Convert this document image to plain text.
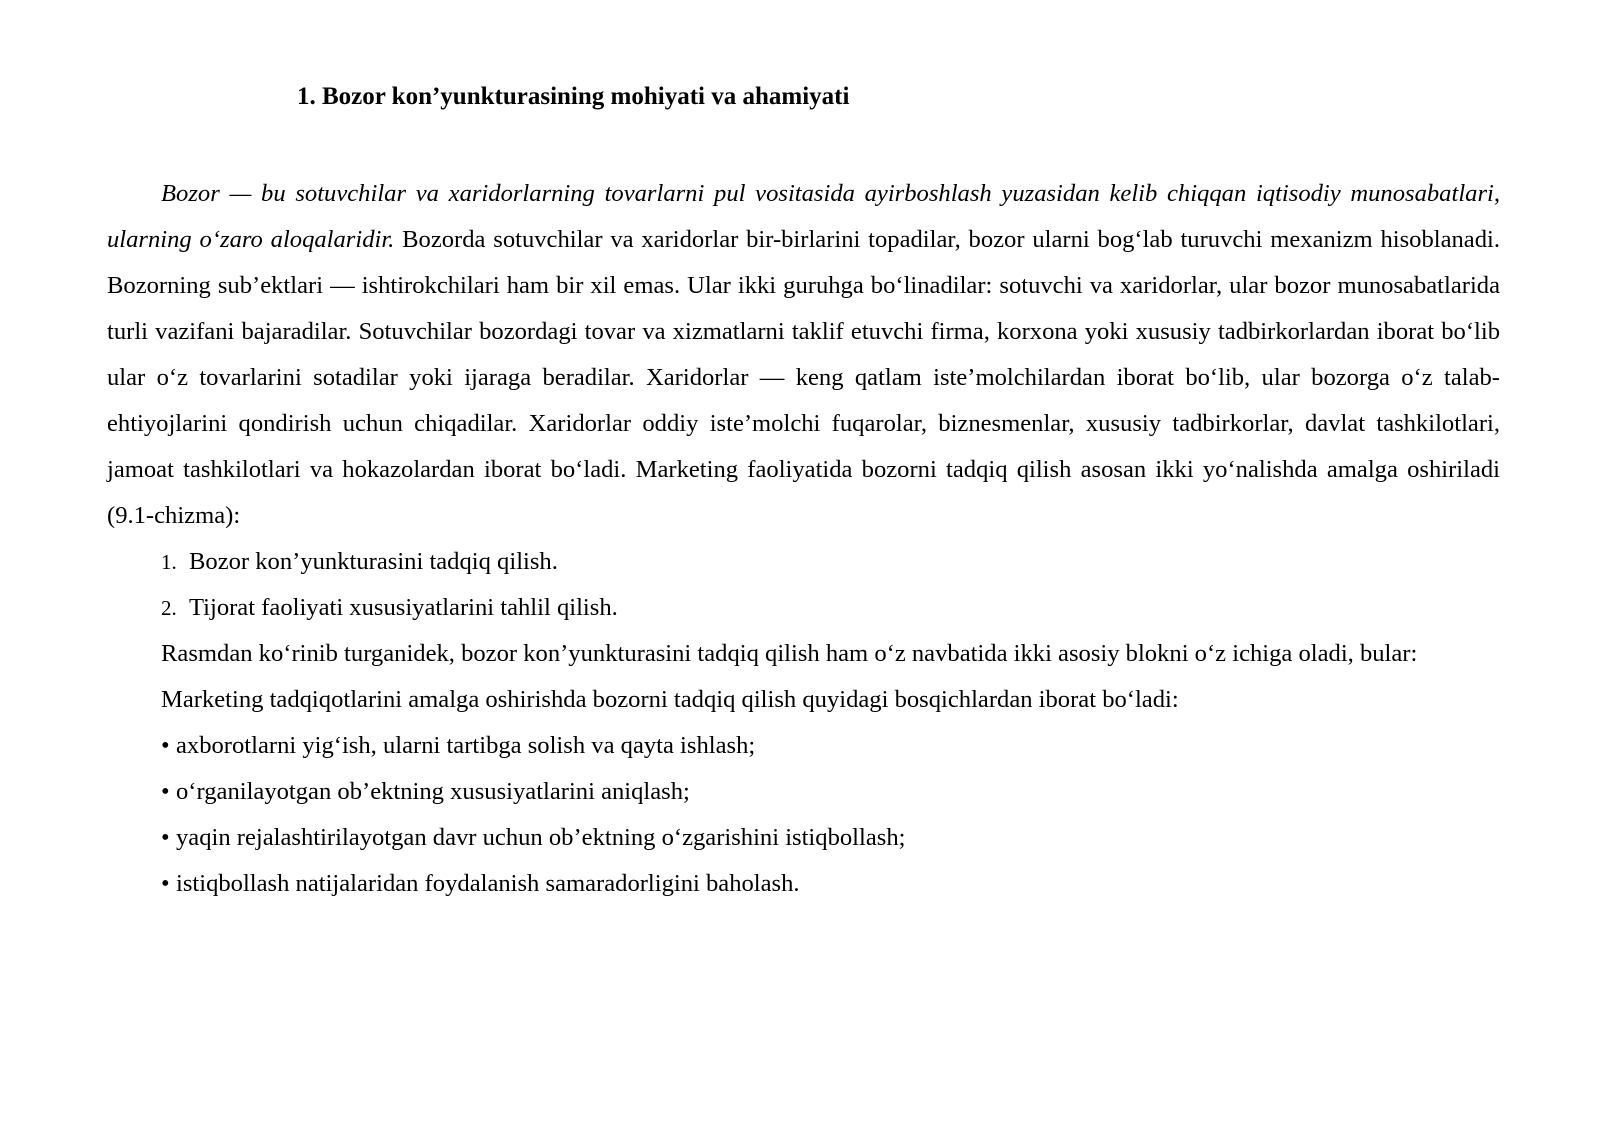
1. Bozor kon’yunkturasining mohiyati va ahamiyati

Bozor — bu sotuvchilar va xaridorlarning tovarlarni pul vositasida ayirboshlash yuzasidan kelib chiqqan iqtisodiy munosabatlari, ularning o‘zaro aloqalaridir. Bozorda sotuvchilar va xaridorlar bir-birlarini topadilar, bozor ularni bog‘lab turuvchi mexanizm hisoblanadi. Bozorning sub’ektlari — ishtirokchilari ham bir xil emas. Ular ikki guruhga bo‘linadilar: sotuvchi va xaridorlar, ular bozor munosabatlarida turli vazifani bajaradilar. Sotuvchilar bozordagi tovar va xizmatlarni taklif etuvchi firma, korxona yoki xususiy tadbirkorlardan iborat bo‘lib ular o‘z tovarlarini sotadilar yoki ijaraga beradilar. Xaridorlar — keng qatlam iste’molchilardan iborat bo‘lib, ular bozorga o‘z talab-ehtiyojlarini qondirish uchun chiqadilar. Xaridorlar oddiy iste’molchi fuqarolar, biznesmenlar, xususiy tadbirkorlar, davlat tashkilotlari, jamoat tashkilotlari va hokazolardan iborat bo‘ladi. Marketing faoliyatida bozorni tadqiq qilish asosan ikki yo‘nalishda amalga oshiriladi (9.1-chizma):

1. Bozor kon’yunkturasini tadqiq qilish.

2. Tijorat faoliyati xususiyatlarini tahlil qilish.

Rasmdan ko‘rinib turganidek, bozor kon’yunkturasini tadqiq qilish ham o‘z navbatida ikki asosiy blokni o‘z ichiga oladi, bular:

Marketing tadqiqotlarini amalga oshirishda bozorni tadqiq qilish quyidagi bosqichlardan iborat bo‘ladi:

• axborotlarni yig‘ish, ularni tartibga solish va qayta ishlash;

• o‘rganilayotgan ob’ektning xususiyatlarini aniqlash;

• yaqin rejalashtirilayotgan davr uchun ob’ektning o‘zgarishini istiqbollash;

• istiqbollash natijalaridan foydalanish samaradorligini baholash.
